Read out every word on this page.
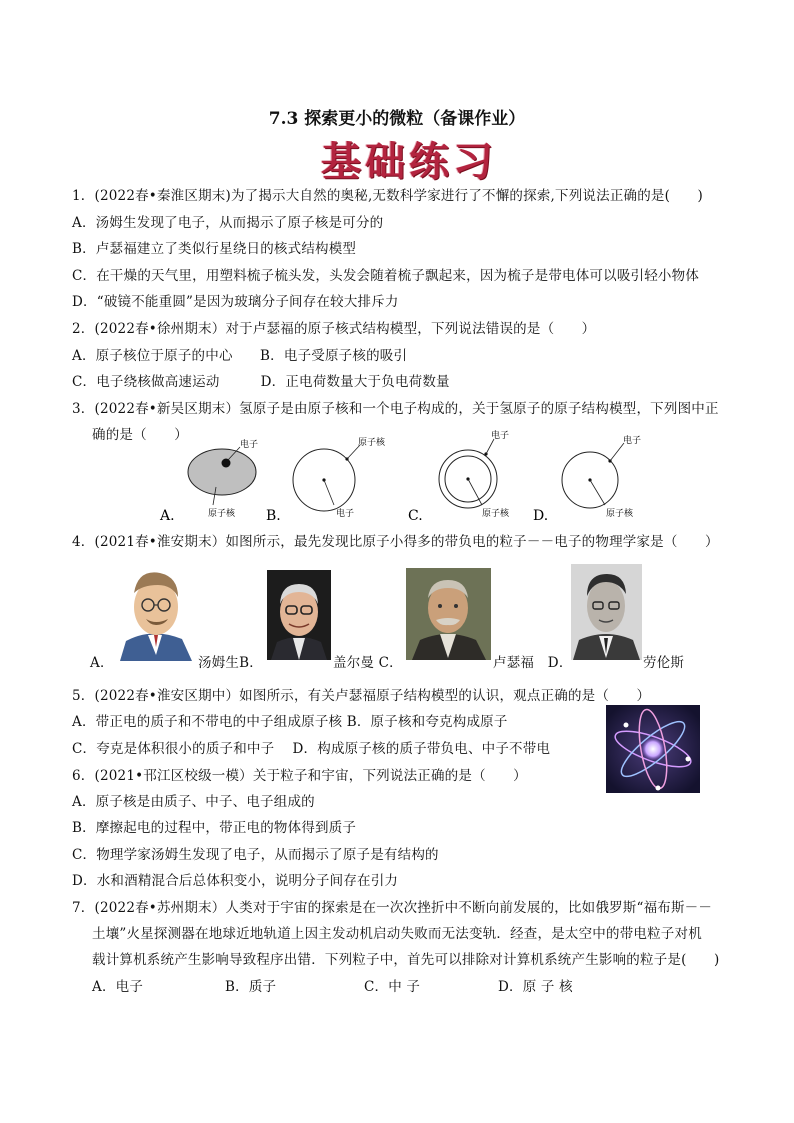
7.3 探索更小的微粒（备课作业）
基础练习
1．(2022春•秦淮区期末)为了揭示大自然的奥秘,无数科学家进行了不懈的探索,下列说法正确的是(　　)
A．汤姆生发现了电子，从而揭示了原子核是可分的
B．卢瑟福建立了类似行星绕日的核式结构模型
C．在干燥的天气里，用塑料梳子梳头发，头发会随着梳子飘起来，因为梳子是带电体可以吸引轻小物体
D．“破镜不能重圆”是因为玻璃分子间存在较大排斥力
2．(2022春•徐州期末）对于卢瑟福的原子核式结构模型，下列说法错误的是（　　）
A．原子核位于原子的中心　　B．电子受原子核的吸引
C．电子绕核做高速运动　　　D．正电荷数量大于负电荷数量
3．(2022春•新吴区期末）氢原子是由原子核和一个电子构成的，关于氢原子的原子结构模型，下列图中正
确的是（　　）
电子
原子核
A.
原子核
电子
B.
电子
原子核
C.
电子
原子核
D.
4．(2021春•淮安期末）如图所示，最先发现比原子小得多的带负电的粒子－－电子的物理学家是（　　）
A．	汤姆生B．	盖尔曼 C．	卢瑟福　D．	劳伦斯
5．(2022春•淮安区期中）如图所示，有关卢瑟福原子结构模型的认识，观点正确的是（　　）
A．带正电的质子和不带电的中子组成原子核 B．原子核和夸克构成原子
C．夸克是体积很小的质子和中子　 D．构成原子核的质子带负电、中子不带电
6．(2021•邗江区校级一模）关于粒子和宇宙，下列说法正确的是（　　）
A．原子核是由质子、中子、电子组成的
B．摩擦起电的过程中，带正电的物体得到质子
C．物理学家汤姆生发现了电子，从而揭示了原子是有结构的
D．水和酒精混合后总体积变小，说明分子间存在引力
7．(2022春•苏州期末）人类对于宇宙的探索是在一次次挫折中不断向前发展的，比如俄罗斯“福布斯－－
土壤”火星探测器在地球近地轨道上因主发动机启动失败而无法变轨．经查，是太空中的带电粒子对机
载计算机系统产生影响导致程序出错．下列粒子中，首先可以排除对计算机系统产生影响的粒子是(　　)
A．电子	B．质子	C．中 子	D．原 子 核
